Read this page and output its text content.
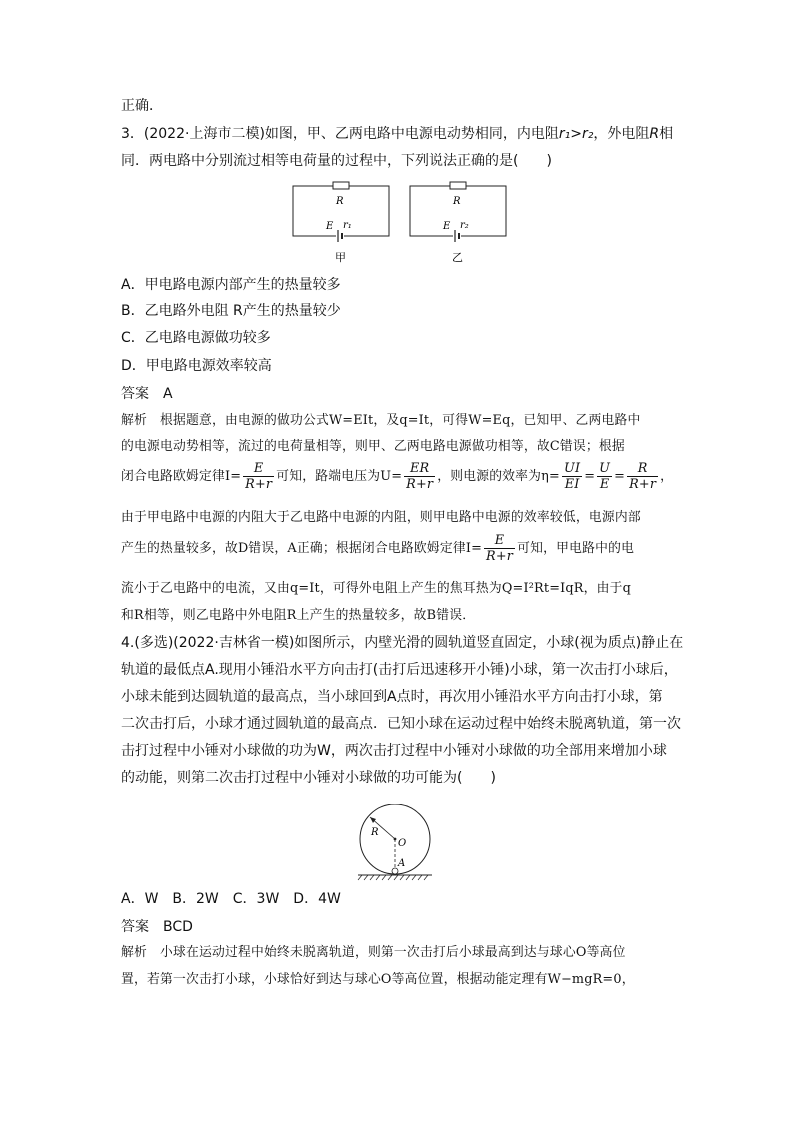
正确．
3．(2022·上海市二模)如图，甲、乙两电路中电源电动势相同，内电阻r₁>r₂，外电阻R相
同．两电路中分别流过相等电荷量的过程中，下列说法正确的是(　　)
R
E r₁
甲
R
E r₂
乙
A．甲电路电源内部产生的热量较多
B．乙电路外电阻 R产生的热量较少
C．乙电路电源做功较多
D．甲电路电源效率较高
答案　A
解析　根据题意，由电源的做功公式W=EIt，及q=It，可得W=Eq，已知甲、乙两电路中
的电源电动势相等，流过的电荷量相等，则甲、乙两电路电源做功相等，故C错误；根据
闭合电路欧姆定律$I= \frac{E}{R+r}$ 可知，路端电压为$U= \frac{ER}{R+r}$ ，则电源的效率为$\eta= \frac{UI}{EI} = \frac{U}{E} = \frac{R}{R+r}$ ，
由于甲电路中电源的内阻大于乙电路中电源的内阻，则甲电路中电源的效率较低，电源内部
产生的热量较多，故D错误，A正确；根据闭合电路欧姆定律$I= \frac{E}{R+r}$ 可知，甲电路中的电
流小于乙电路中的电流，又由q=It，可得外电阻上产生的焦耳热为Q=I²Rt=IqR，由于q
和R相等，则乙电路中外电阻R上产生的热量较多，故B错误．
4.(多选)(2022·吉林省一模)如图所示，内壁光滑的圆轨道竖直固定，小球(视为质点)静止在
轨道的最低点A.现用小锤沿水平方向击打(击打后迅速移开小锤)小球，第一次击打小球后，
小球未能到达圆轨道的最高点，当小球回到A点时，再次用小锤沿水平方向击打小球，第
二次击打后，小球才通过圆轨道的最高点．已知小球在运动过程中始终未脱离轨道，第一次
击打过程中小锤对小球做的功为W，两次击打过程中小锤对小球做的功全部用来增加小球
的动能，则第二次击打过程中小锤对小球做的功可能为(　　)
R
O
A
A．W　B．2W　C．3W　D．4W
答案　BCD
解析　小球在运动过程中始终未脱离轨道，则第一次击打后小球最高到达与球心O等高位
置，若第一次击打小球，小球恰好到达与球心O等高位置，根据动能定理有W−mgR=0，
